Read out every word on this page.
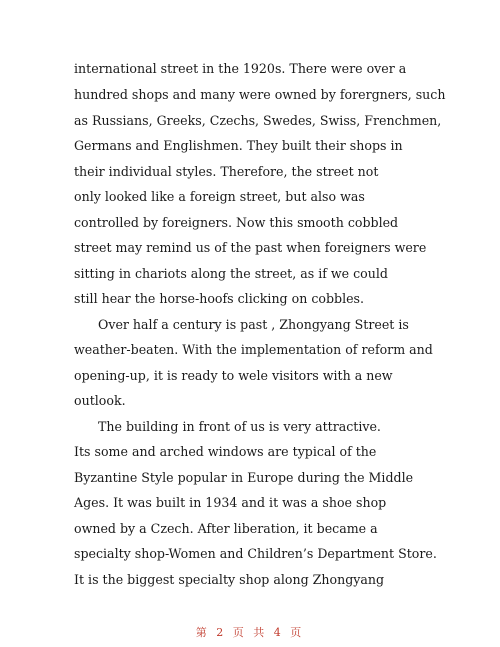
international street in the 1920s. There were over a
hundred shops and many were owned by forergners, such
as Russians, Greeks, Czechs, Swedes, Swiss, Frenchmen,
Germans and Englishmen. They built their shops in
their individual styles. Therefore, the street not
only looked like a foreign street, but also was
controlled by foreigners. Now this smooth cobbled
street may remind us of the past when foreigners were
sitting in chariots along the street, as if we could
still hear the horse-hoofs clicking on cobbles.
Over half a century is past , Zhongyang Street is
weather-beaten. With the implementation of reform and
opening-up, it is ready to wele visitors with a new
outlook.
The building in front of us is very attractive.
Its some and arched windows are typical of the
Byzantine Style popular in Europe during the Middle
Ages. It was built in 1934 and it was a shoe shop
owned by a Czech. After liberation, it became a
specialty shop-Women and Children’s Department Store.
It is the biggest specialty shop along Zhongyang
第 2 页 共 4 页
